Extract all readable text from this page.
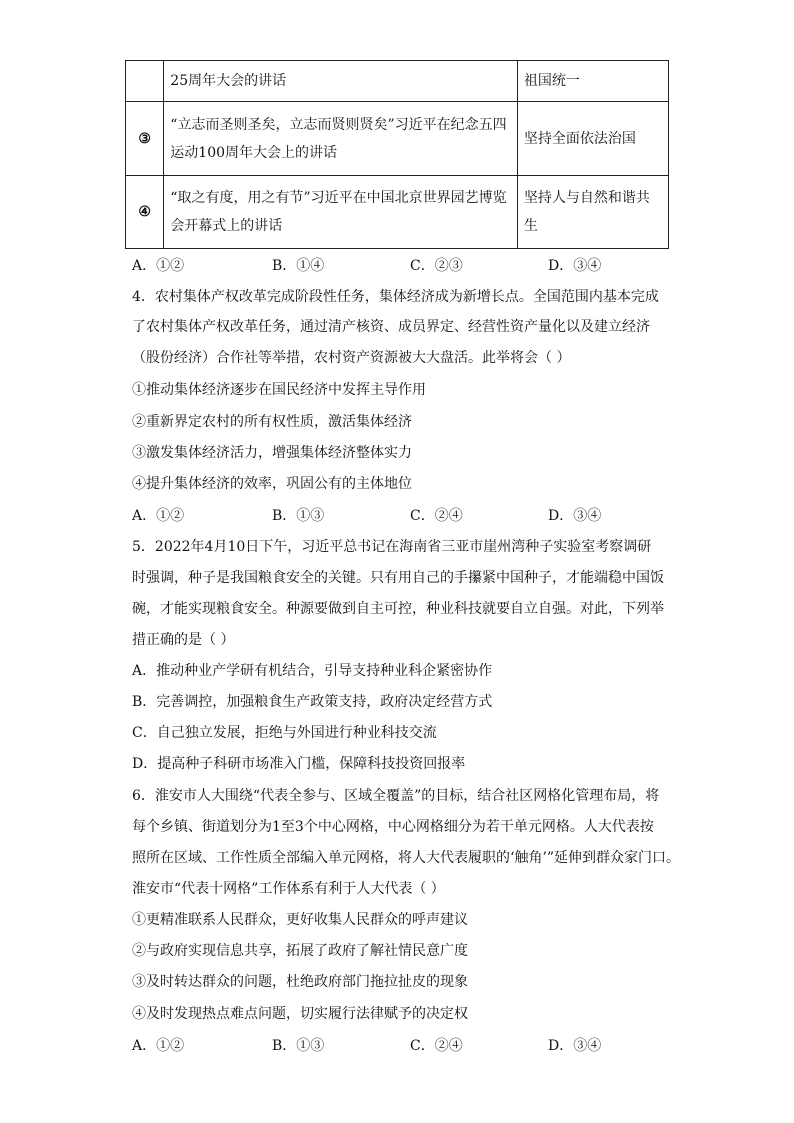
	25周年大会的讲话	祖国统一
③	“立志而圣则圣矣，立志而贤则贤矣”习近平在纪念五四运动100周年大会上的讲话	坚持全面依法治国
④	“取之有度，用之有节”习近平在中国北京世界园艺博览会开幕式上的讲话	坚持人与自然和谐共生
A．①②	B．①④	C．②③	D．③④
4．农村集体产权改革完成阶段性任务，集体经济成为新增长点。全国范围内基本完成
了农村集体产权改革任务，通过清产核资、成员界定、经营性资产量化以及建立经济
（股份经济）合作社等举措，农村资产资源被大大盘活。此举将会（ ）
①推动集体经济逐步在国民经济中发挥主导作用
②重新界定农村的所有权性质，激活集体经济
③激发集体经济活力，增强集体经济整体实力
④提升集体经济的效率，巩固公有的主体地位
A．①②	B．①③	C．②④	D．③④
5．2022年4月10日下午，习近平总书记在海南省三亚市崖州湾种子实验室考察调研
时强调，种子是我国粮食安全的关键。只有用自己的手攥紧中国种子，才能端稳中国饭
碗，才能实现粮食安全。种源要做到自主可控，种业科技就要自立自强。对此，下列举
措正确的是（ ）
A．推动种业产学研有机结合，引导支持种业科企紧密协作
B．完善调控，加强粮食生产政策支持，政府决定经营方式
C．自己独立发展，拒绝与外国进行种业科技交流
D．提高种子科研市场准入门槛，保障科技投资回报率
6．淮安市人大围绕“代表全参与、区域全覆盖”的目标，结合社区网格化管理布局，将
每个乡镇、街道划分为1至3个中心网格，中心网格细分为若干单元网格。人大代表按
照所在区域、工作性质全部编入单元网格，将人大代表履职的‘触角’”延伸到群众家门口。
淮安市“代表十网格”工作体系有利于人大代表（ ）
①更精准联系人民群众，更好收集人民群众的呼声建议
②与政府实现信息共享，拓展了政府了解社情民意广度
③及时转达群众的问题，杜绝政府部门拖拉扯皮的现象
④及时发现热点难点问题，切实履行法律赋予的决定权
A．①②	B．①③	C．②④	D．③④
